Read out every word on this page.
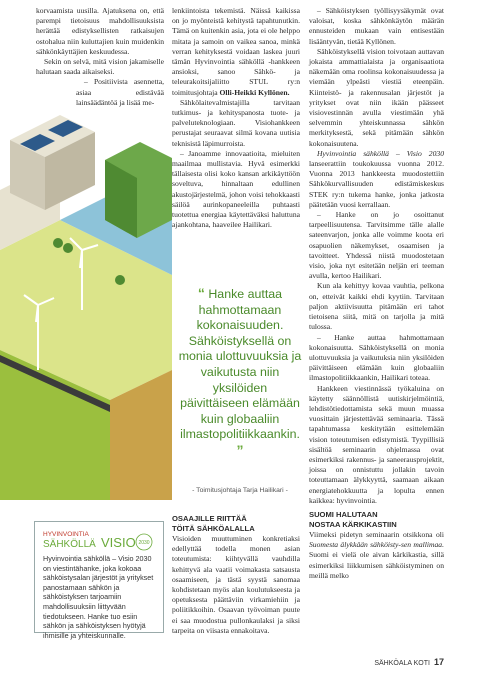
korvaamista uusilla. Ajatuksena on, että parempi tietoisuus mahdollisuuksista herättää edistyksellisten ratkaisujen ostohalua niin kuluttajien kuin muidenkin sähkönkäyttäjien keskuudessa.

Sekin on selvä, mitä vision jakamiselle halutaan saada aikaiseksi.

– Positiivista asennetta, asiaa edistävää lainsäädäntöä ja lisää me-

lenkiintoista tekemistä. Näissä kaikissa on jo myönteistä kehitystä tapahtunutkin. Tämä on kuitenkin asia, jota ei ole helppo mitata ja samoin on vaikea sanoa, minkä verran kehityksestä voidaan laskea juuri tämän Hyvinvointia sähköllä -hankkeen ansioksi, sanoo Sähkö- ja teleurakoitsijaliitto STUL ry:n toimitusjohtaja Olli-Heikki Kyllönen.

Sähkölaitevalmistajilla tarvitaan tutkimus- ja kehityspanosta tuote- ja palveluteknologiaan. Visiohankkeen perustajat seuraavat silmä kovana uutisia teknisistä läpimurroista.

– Janoamme innovaatioita, mieluiten maailmaa mullistavia. Hyvä esimerkki tällaisesta olisi koko kansan arkikäyttöön soveltuva, hinnaltaan edullinen akustojärjestelmä, johon voisi tehokkaasti säilöä aurinkopaneeleilla puhtaasti tuotettua energiaa käytettäväksi haluttuna ajankohtana, haaveilee Hailikari.

“ Hanke auttaa hahmottamaan kokonaisuuden. Sähköistyksellä on monia ulottuvuuksia ja vaikutusta niin yksilöiden päivittäiseen elämään kuin globaaliin ilmastopolitiikkaankin. ”
- Toimitusjohtaja Tarja Hailikari -
OSAAJILLE RIITTÄÄ
TÖITÄ SÄHKÖALALLA

Visioiden muuttuminen konkretiaksi edellyttää todella monen asian toteutumista: kiihtyvällä vauhdilla kehittyvä ala vaatii voimakasta satsausta osaamiseen, ja tästä syystä sanomaa kohdistetaan myös alan koulutukseesta ja opetuksesta päättäviin virkamiehiin ja poliitikkoihin. Osaavan työvoiman puute ei saa muodostua pullonkaulaksi ja siksi tarpeita on viisasta ennakoitava.

– Sähköistyksen työllisyysäkymät ovat valoisat, koska sähkönkäytön määrän ennusteiden mukaan vain entisestään lisääntyvän, tietää Kyllönen.

Sähköistyksellä vision toivotaan auttavan jokaista ammattialaista ja organisaatiota näkemään oma roolinsa kokonaisuudessa ja viemään ylpeästi viestiä eteenpäin. Kiinteistö- ja rakennusalan järjestöt ja yritykset ovat niin ikään päässeet visiovestinnän avulla viestimään yhä selvemmin yhteiskunnassa sähkön merkityksestä, sekä pitämään sähkön kokonaisuutena.

Hyvinvointia sähköllä – Visio 2030 lanseerattiin toukokuussa vuonna 2012. Vuonna 2013 hankkeesta muodostettiin Sähkökurvallisuuden edistämiskeskus STEK ry:n tukema hanke, jonka jatkosta päätetään vuosi kerrallaan.

– Hanke on jo osoittanut tarpeellisuutensa. Tarvitsimme tälle alalle sateenvarjon, jonka alle voimme koota eri osapuolien näkemykset, osaamisen ja tavoitteet. Yhdessä niistä muodostetaan visio, joka nyt esitetään neljän eri teeman avulla, kertoo Hailikari.

Kun ala kehittyy kovaa vauhtia, pelkona on, etteivät kaikki ehdi kyytiin. Tarvitaan paljon aktiivisuutta pitämään eri tahot tietoisena siitä, mitä on tarjolla ja mitä tulossa.

– Hanke auttaa hahmottamaan kokonaisuutta. Sähköistyksellä on monia ulottuvuuksia ja vaikutuksia niin yksilöiden päivittäiseen elämään kuin globaaliin ilmastopolitiikkaankin, Hailikari toteaa.

Hankkeen viestinnässä työkaluina on käytetty säännöllistä uutiskirjelmöintiä, lehdistötiedottamista sekä muun muassa vuosittain järjestettävää seminaaria. Tässä tapahtumassa keskitytään esittelemään vision toteutumisen edistymistä. Tyypillisiä sisältöä seminaarin ohjelmassa ovat esimerkiksi rakennus- ja saneerausprojektit, joissa on onnistuttu jollakin tavoin toteuttamaan älykkyyttä, saamaan aikaan energiatehokkuutta ja lopulta ennen kaikkea: hyvinvointia.

SUOMI HALUTAAN
NOSTAA KÄRKIKASTIIN

Viimeksi pidetyn seminaarin otsikkona oli Suomesta älykkään sähköisty-sen mallimaa. Suomi ei vielä ole aivan kärkikastia, sillä esimerkiksi liikkumisen sähköistyminen on meillä melko

HYVINVOINTIA
SÄHKÖLLÄ VISIO 2030
Hyvinvointia sähköllä – Visio 2030 on viestintähanke, joka kokoaa sähköistysalan järjestöt ja yritykset panostamaan sähkön ja sähköistyksen tarjoamiin mahdollisuuksiin liittyvään tiedotukseen. Hanke tuo esiin sähkön ja sähköistyksen hyötyjä ihmisille ja yhteiskunnalle.
SÄHKÖALA KOTI 17
